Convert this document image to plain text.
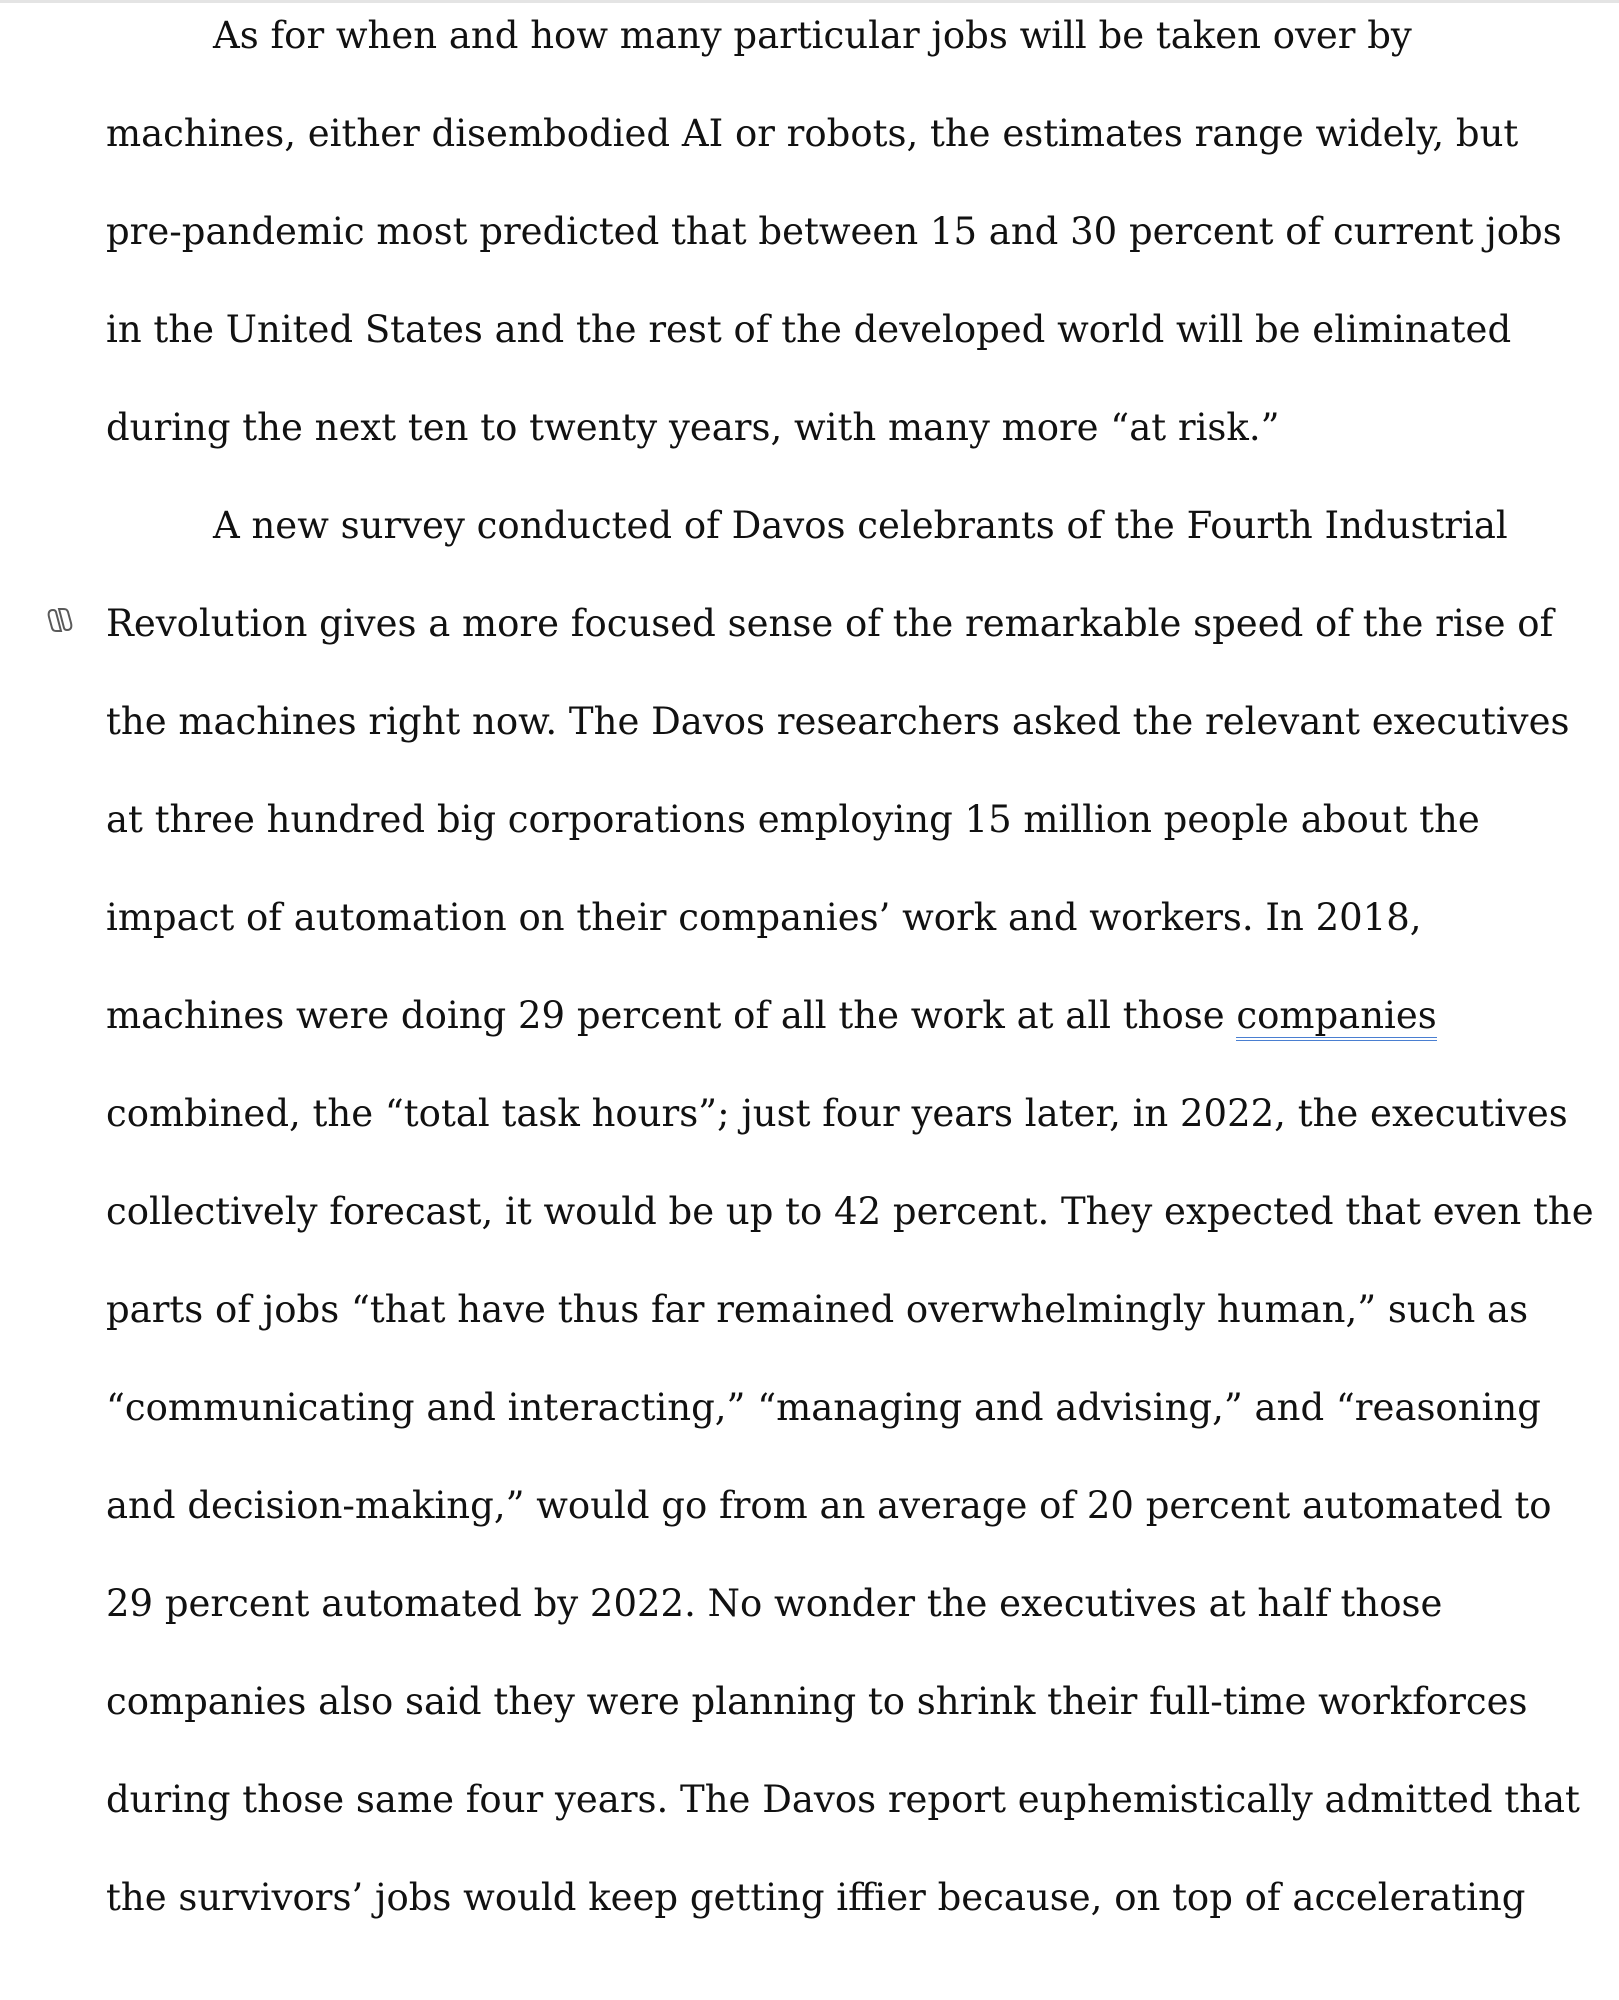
As for when and how many particular jobs will be taken over by
machines, either disembodied AI or robots, the estimates range widely, but
pre-pandemic most predicted that between 15 and 30 percent of current jobs
in the United States and the rest of the developed world will be eliminated
during the next ten to twenty years, with many more “at risk.”
A new survey conducted of Davos celebrants of the Fourth Industrial
Revolution gives a more focused sense of the remarkable speed of the rise of
the machines right now. The Davos researchers asked the relevant executives
at three hundred big corporations employing 15 million people about the
impact of automation on their companies’ work and workers. In 2018,
machines were doing 29 percent of all the work at all those companies
combined, the “total task hours”; just four years later, in 2022, the executives
collectively forecast, it would be up to 42 percent. They expected that even the
parts of jobs “that have thus far remained overwhelmingly human,” such as
“communicating and interacting,” “managing and advising,” and “reasoning
and decision-making,” would go from an average of 20 percent automated to
29 percent automated by 2022. No wonder the executives at half those
companies also said they were planning to shrink their full-time workforces
during those same four years. The Davos report euphemistically admitted that
the survivors’ jobs would keep getting iffier because, on top of accelerating
